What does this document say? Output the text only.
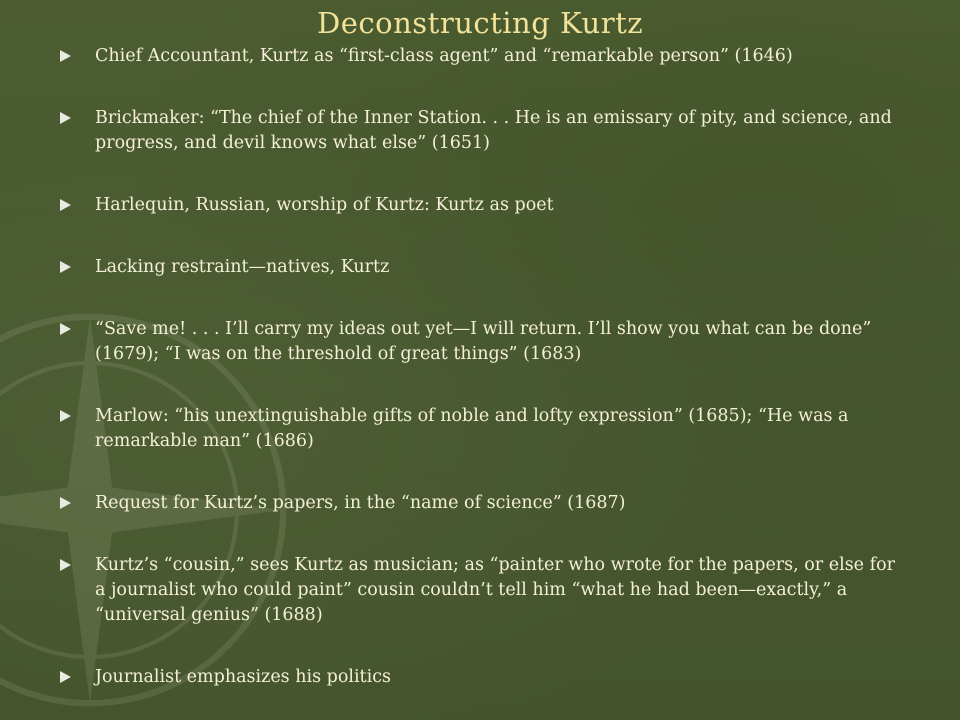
Deconstructing Kurtz
Chief Accountant, Kurtz as “first-class agent” and “remarkable person” (1646)
Brickmaker: “The chief of the Inner Station. . . He is an emissary of pity, and science, and progress, and devil knows what else” (1651)
Harlequin, Russian, worship of Kurtz: Kurtz as poet
Lacking restraint—natives, Kurtz
“Save me! . . . I’ll carry my ideas out yet—I will return. I’ll show you what can be done” (1679); “I was on the threshold of great things” (1683)
Marlow: “his unextinguishable gifts of noble and lofty expression” (1685); “He was a remarkable man” (1686)
Request for Kurtz’s papers, in the “name of science” (1687)
Kurtz’s “cousin,” sees Kurtz as musician; as “painter who wrote for the papers, or else for a journalist who could paint” cousin couldn’t tell him “what he had been—exactly,” a “universal genius” (1688)
Journalist emphasizes his politics
